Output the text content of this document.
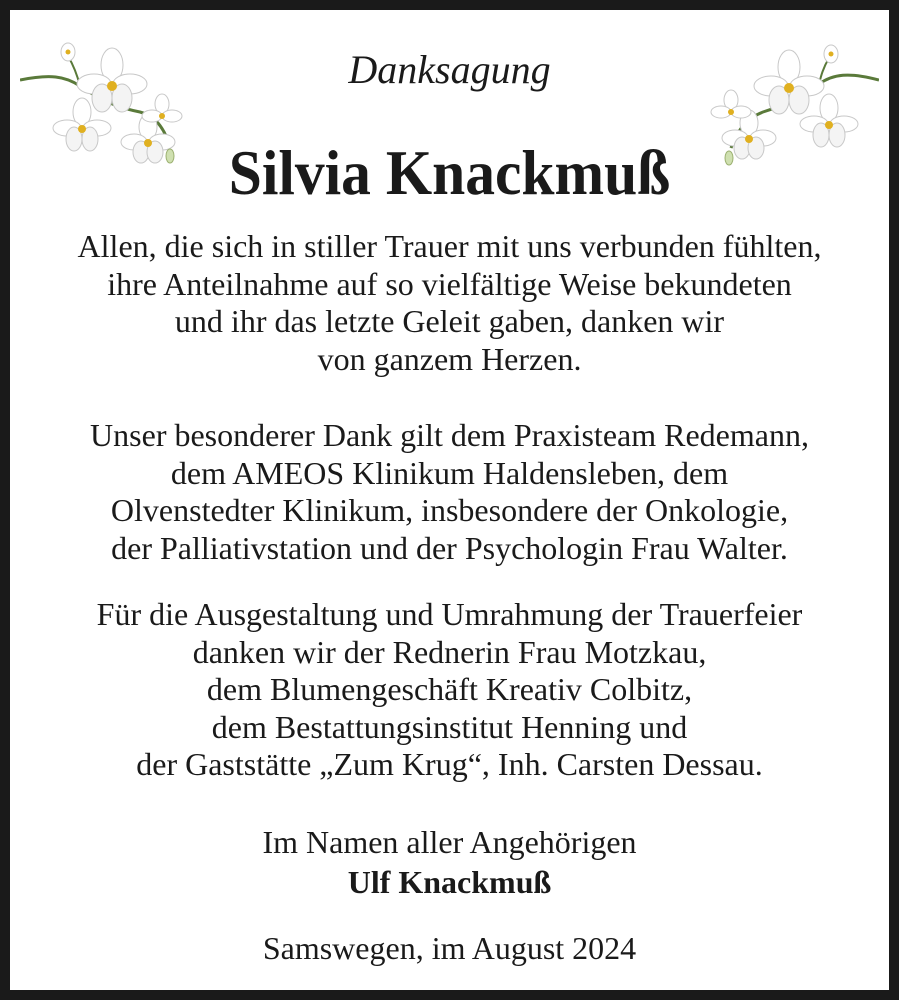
Danksagung
Silvia Knackmuß
Allen, die sich in stiller Trauer mit uns verbunden fühlten,
ihre Anteilnahme auf so vielfältige Weise bekundeten
und ihr das letzte Geleit gaben, danken wir
von ganzem Herzen.
Unser besonderer Dank gilt dem Praxisteam Redemann,
dem AMEOS Klinikum Haldensleben, dem
Olvenstedter Klinikum, insbesondere der Onkologie,
der Palliativstation und der Psychologin Frau Walter.
Für die Ausgestaltung und Umrahmung der Trauerfeier
danken wir der Rednerin Frau Motzkau,
dem Blumengeschäft Kreativ Colbitz,
dem Bestattungsinstitut Henning und
der Gaststätte „Zum Krug“, Inh. Carsten Dessau.
Im Namen aller Angehörigen
Ulf Knackmuß
Samswegen, im August 2024
